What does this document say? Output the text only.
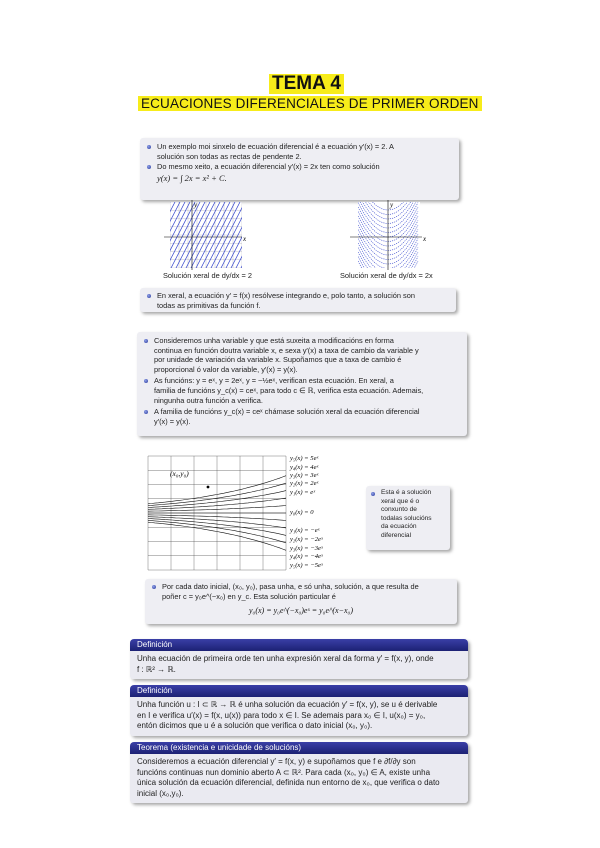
TEMA 4
ECUACIONES DIFERENCIALES DE PRIMER ORDEN
Un exemplo moi sinxelo de ecuación diferencial é a ecuación y′(x) = 2. A
solución son todas as rectas de pendente 2.
Do mesmo xeito, a ecuación diferencial y′(x) = 2x ten como solución
y(x) = ∫ 2x = x² + C.
x
y
x
y
Solución xeral de dy/dx = 2	Solución xeral de dy/dx = 2x
En xeral, a ecuación y′ = f(x) resólvese integrando e, polo tanto, a solución son
todas as primitivas da función f.
Consideremos unha variable y que está suxeita a modificacións en forma
continua en función doutra variable x, e sexa y′(x) a taxa de cambio da variable y
por unidade de variación da variable x. Supoñamos que a taxa de cambio é
proporcional ó valor da variable, y′(x) = y(x).
As funcións: y = eˣ, y = 2eˣ, y = −½eˣ, verifican esta ecuación. En xeral, a
familia de funcións y_c(x) = ceˣ, para todo c ∈ ℝ, verifica esta ecuación. Ademais,
ningunha outra función a verifica.
A familia de funcións y_c(x) = ceˣ chámase solución xeral da ecuación diferencial
y′(x) = y(x).
(x₀,y₀)
y₅(x) = 5eˣ
y₄(x) = 4eˣ
y₃(x) = 3eˣ
y₂(x) = 2eˣ
y₁(x) = eˣ
y₀(x) = 0
y₁(x) = −eˣ
y₂(x) = −2eˣ
y₃(x) = −3eˣ
y₄(x) = −4eˣ
y₅(x) = −5eˣ
Esta é a solución
xeral que é o
conxunto de
todalas solucións
da ecuación
diferencial
Por cada dato inicial, (x₀, y₀), pasa unha, e só unha, solución, a que resulta de
poñer c = y₀e^(−x₀) en y_c. Esta solución particular é
y₀(x) = y₀e^(−x₀)eˣ = y₀e^(x−x₀)
Definición
Unha ecuación de primeira orde ten unha expresión xeral da forma y′ = f(x, y), onde
f : ℝ² → ℝ.
Definición
Unha función u : I ⊂ ℝ → ℝ é unha solución da ecuación y′ = f(x, y), se u é derivable
en I e verifica u′(x) = f(x, u(x)) para todo x ∈ I. Se ademais para x₀ ∈ I, u(x₀) = y₀,
entón dicimos que u é a solución que verifica o dato inicial (x₀, y₀).
Teorema (existencia e unicidade de solucións)
Consideremos a ecuación diferencial y′ = f(x, y) e supoñamos que f e ∂f/∂y son
funcións continuas nun dominio aberto A ⊂ ℝ². Para cada (x₀, y₀) ∈ A, existe unha
única solución da ecuación diferencial, definida nun entorno de x₀, que verifica o dato
inicial (x₀,y₀).
